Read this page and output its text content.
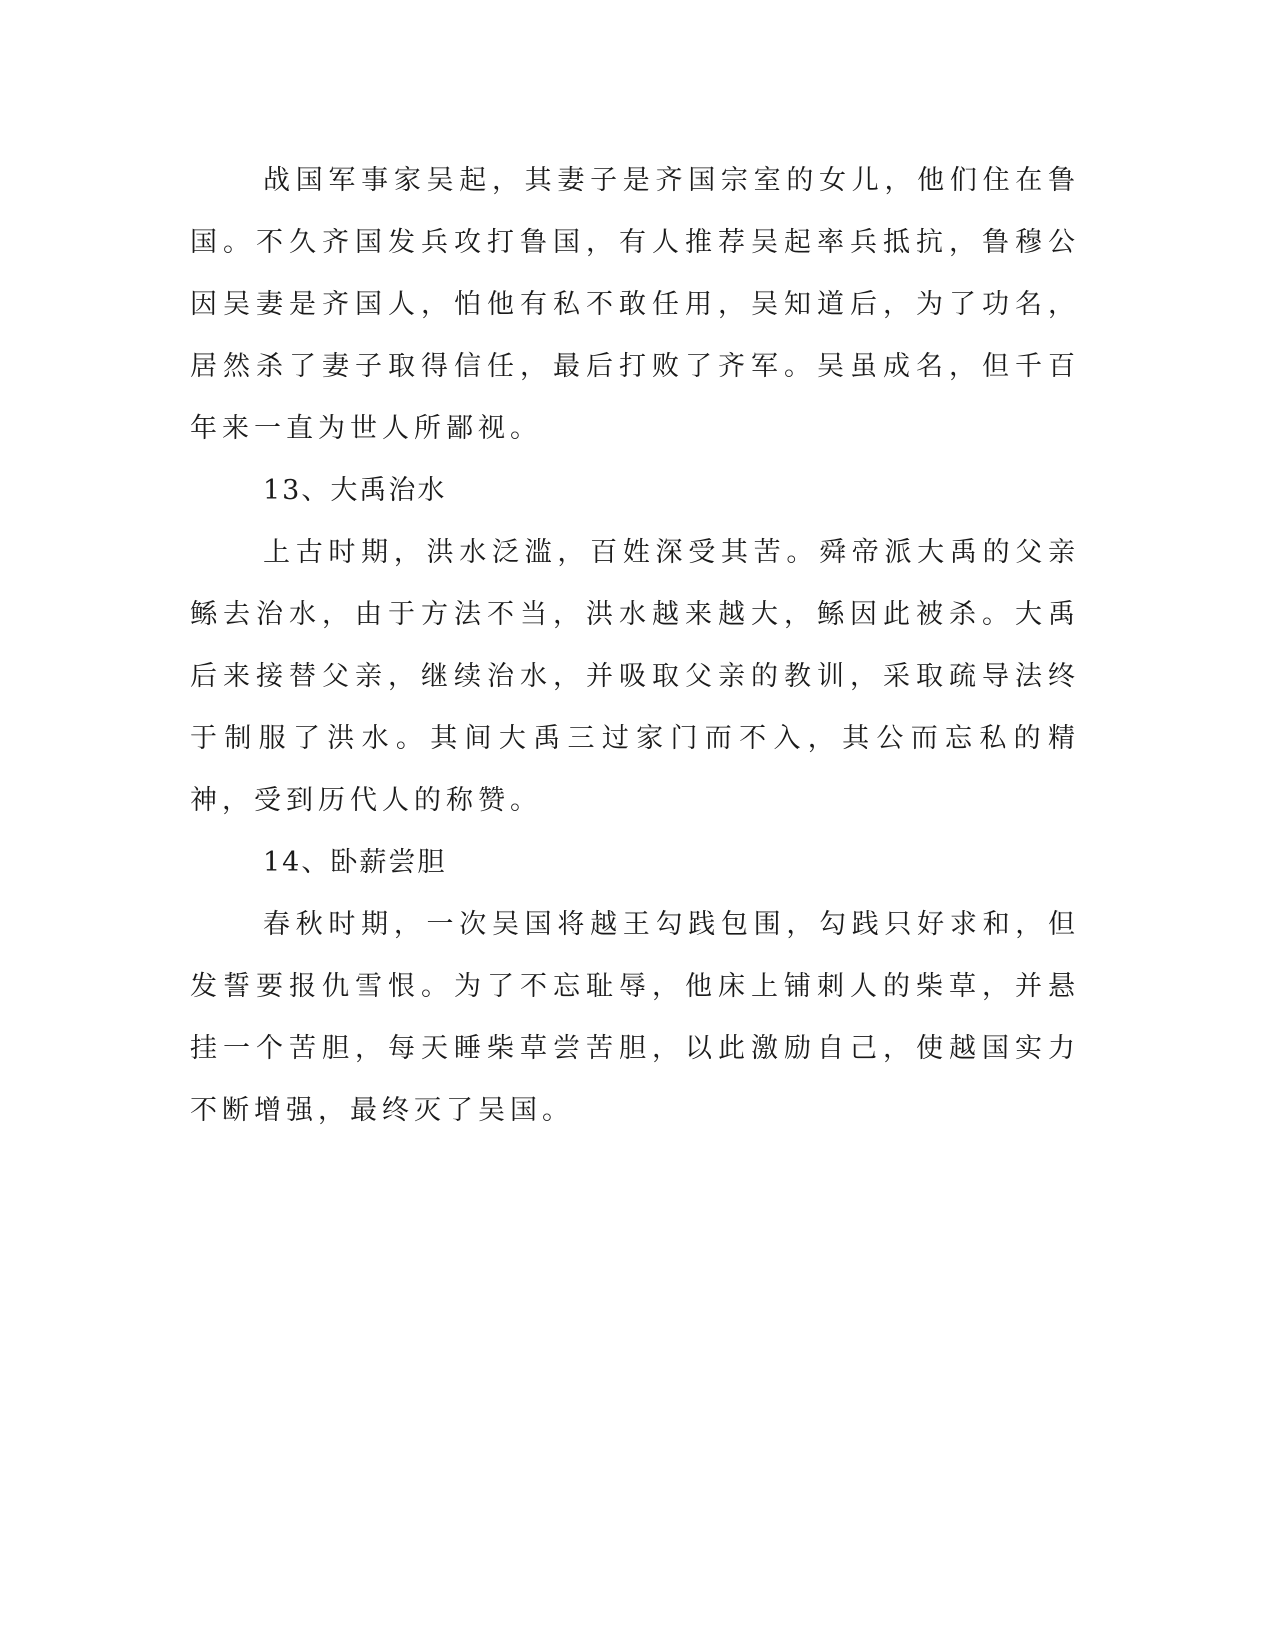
战国军事家吴起，其妻子是齐国宗室的女儿，他们住在鲁国。不久齐国发兵攻打鲁国，有人推荐吴起率兵抵抗，鲁穆公因吴妻是齐国人，怕他有私不敢任用，吴知道后，为了功名，居然杀了妻子取得信任，最后打败了齐军。吴虽成名，但千百年来一直为世人所鄙视。

13、大禹治水

上古时期，洪水泛滥，百姓深受其苦。舜帝派大禹的父亲鲧去治水，由于方法不当，洪水越来越大，鲧因此被杀。大禹后来接替父亲，继续治水，并吸取父亲的教训，采取疏导法终于制服了洪水。其间大禹三过家门而不入，其公而忘私的精神，受到历代人的称赞。

14、卧薪尝胆

春秋时期，一次吴国将越王勾践包围，勾践只好求和，但发誓要报仇雪恨。为了不忘耻辱，他床上铺刺人的柴草，并悬挂一个苦胆，每天睡柴草尝苦胆，以此激励自己，使越国实力不断增强，最终灭了吴国。
